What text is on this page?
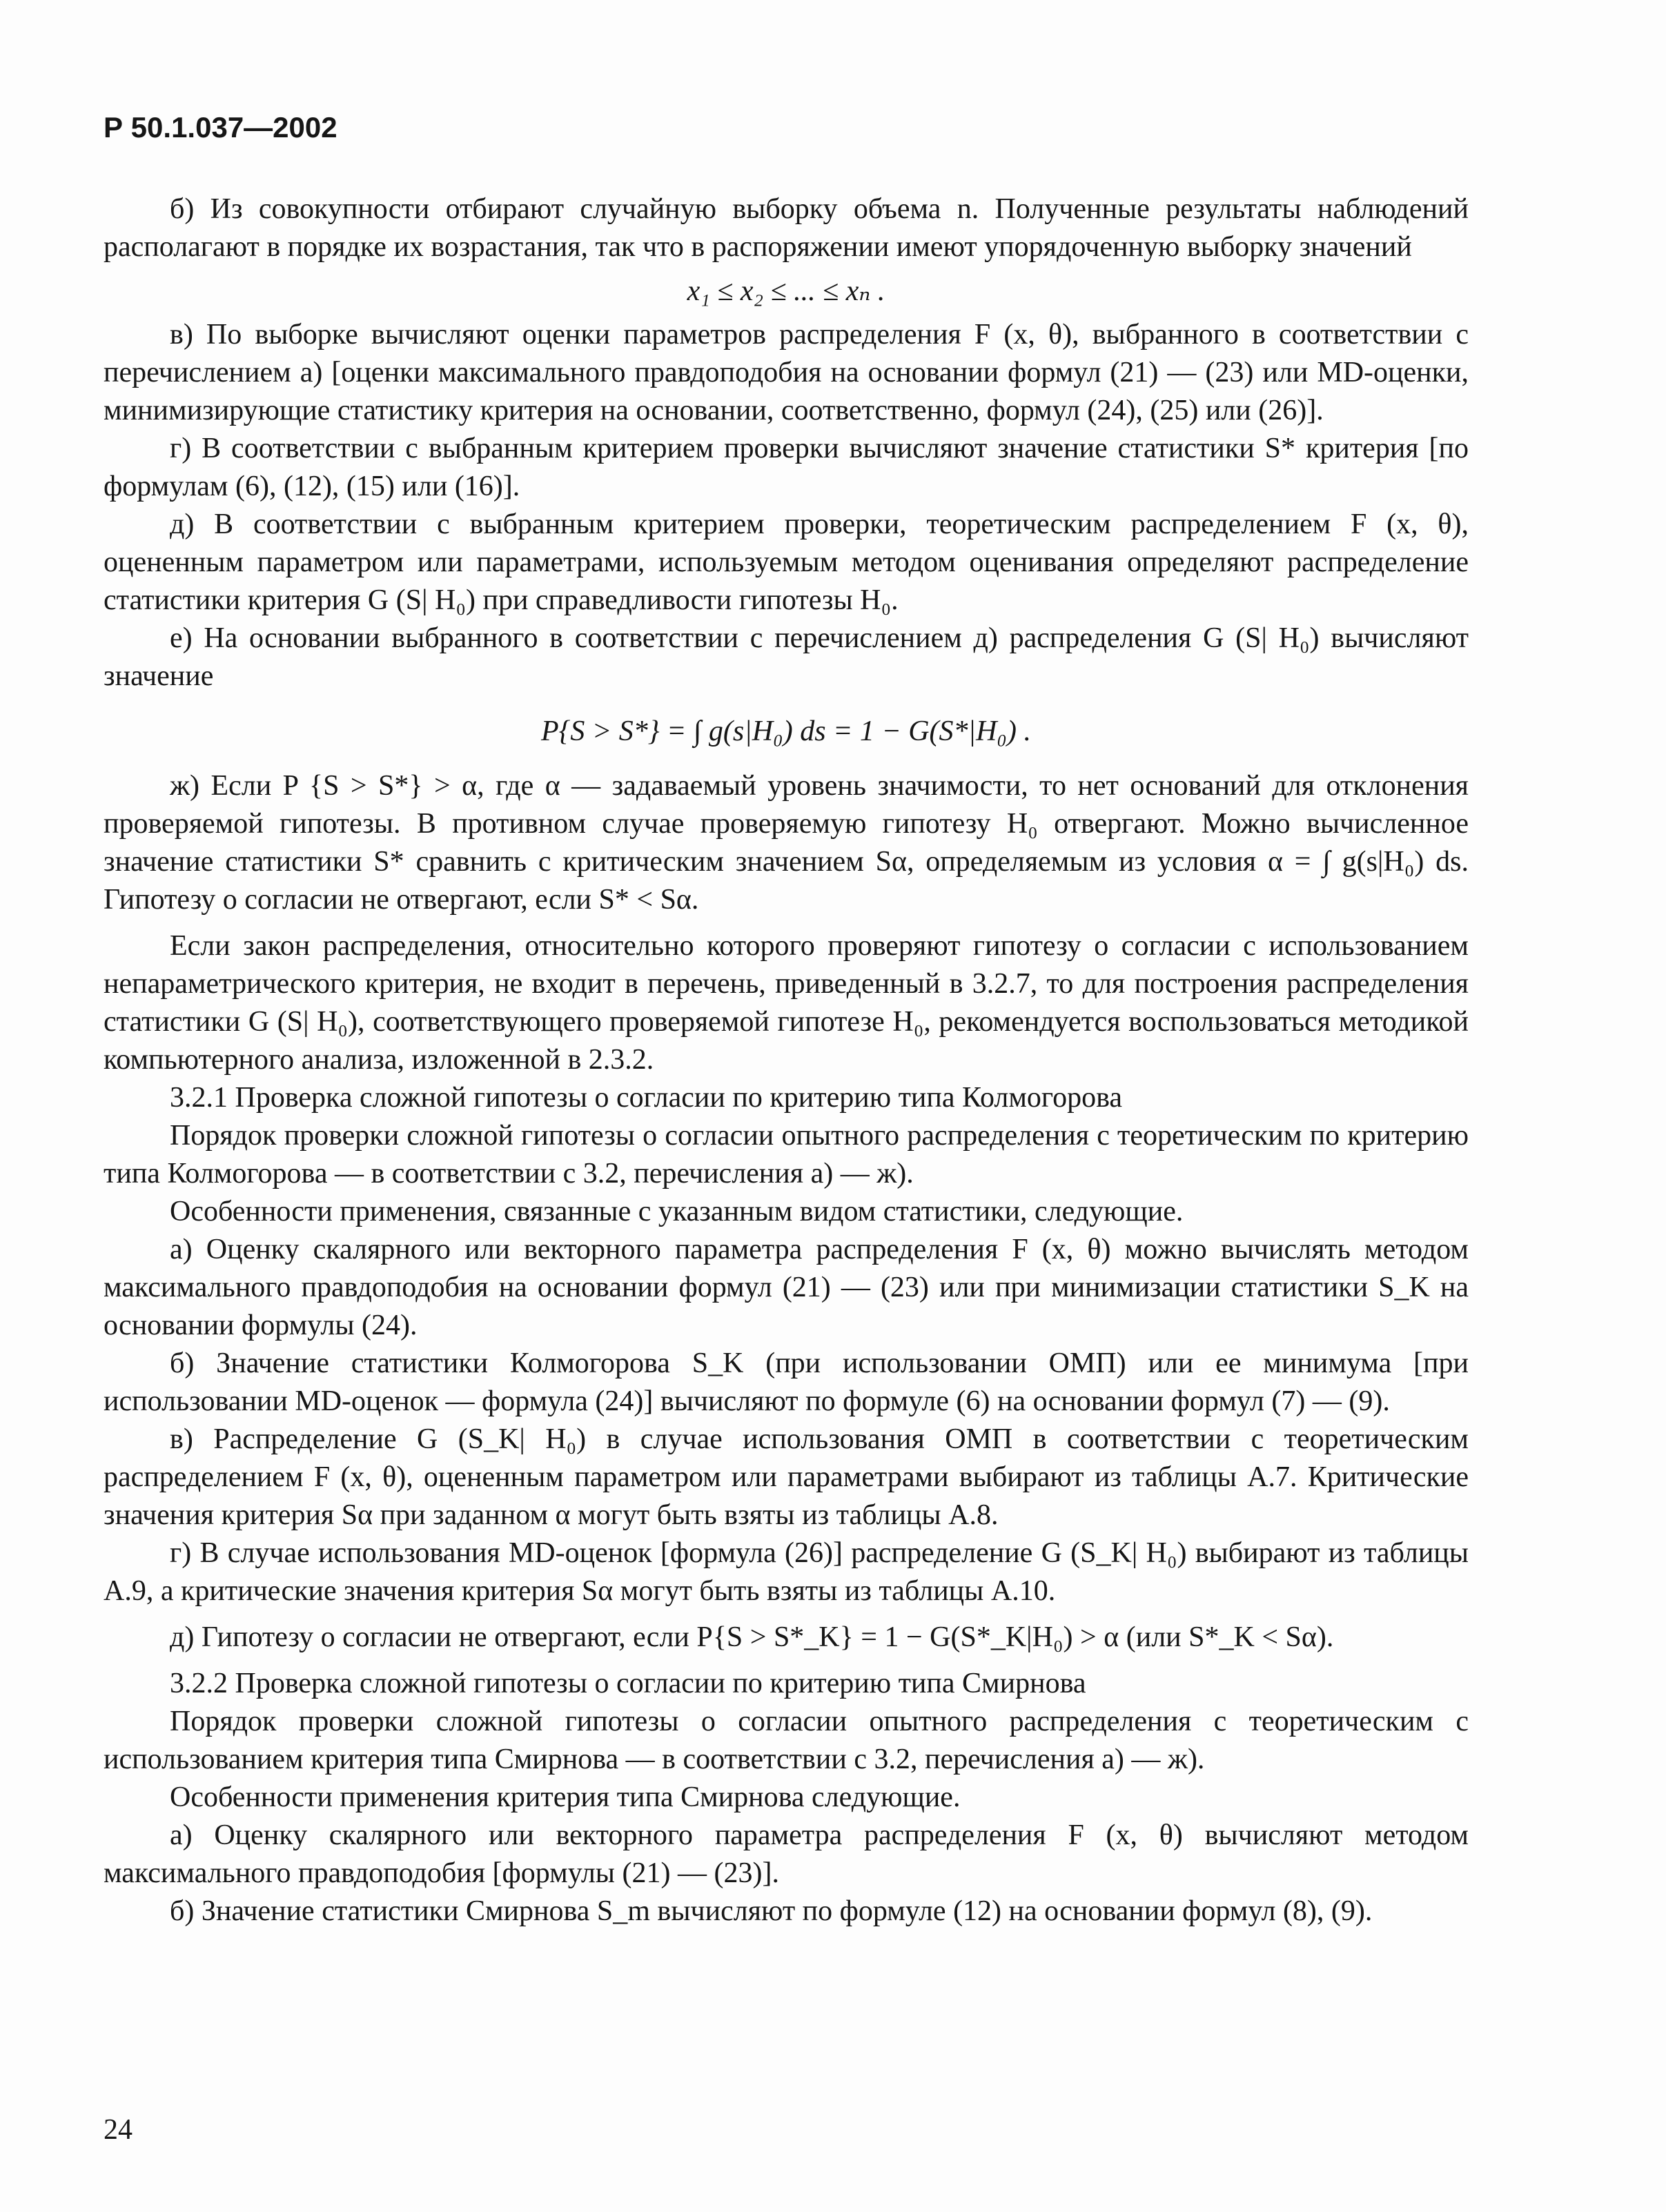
Р 50.1.037—2002

б) Из совокупности отбирают случайную выборку объема n. Полученные результаты наблюдений располагают в порядке их возрастания, так что в распоряжении имеют упорядоченную выборку значений

x₁ ≤ x₂ ≤ ... ≤ xₙ .

в) По выборке вычисляют оценки параметров распределения F (x, θ), выбранного в соответствии с перечислением а) [оценки максимального правдоподобия на основании формул (21) — (23) или MD-оценки, минимизирующие статистику критерия на основании, соответственно, формул (24), (25) или (26)].

г) В соответствии с выбранным критерием проверки вычисляют значение статистики S* критерия [по формулам (6), (12), (15) или (16)].

д) В соответствии с выбранным критерием проверки, теоретическим распределением F (x, θ), оцененным параметром или параметрами, используемым методом оценивания определяют распределение статистики критерия G (S| H₀) при справедливости гипотезы H₀.

е) На основании выбранного в соответствии с перечислением д) распределения G (S| H₀) вычисляют значение

P{S > S*} = ∫ g(s|H₀) ds = 1 − G(S*|H₀) .

ж) Если P {S > S*} > α, где α — задаваемый уровень значимости, то нет оснований для отклонения проверяемой гипотезы. В противном случае проверяемую гипотезу H₀ отвергают. Можно вычисленное значение статистики S* сравнить с критическим значением Sα, определяемым из условия α = ∫ g(s|H₀) ds. Гипотезу о согласии не отвергают, если S* < Sα.

Если закон распределения, относительно которого проверяют гипотезу о согласии с использованием непараметрического критерия, не входит в перечень, приведенный в 3.2.7, то для построения распределения статистики G (S| H₀), соответствующего проверяемой гипотезе H₀, рекомендуется воспользоваться методикой компьютерного анализа, изложенной в 2.3.2.

3.2.1 Проверка сложной гипотезы о согласии по критерию типа Колмогорова

Порядок проверки сложной гипотезы о согласии опытного распределения с теоретическим по критерию типа Колмогорова — в соответствии с 3.2, перечисления а) — ж).

Особенности применения, связанные с указанным видом статистики, следующие.

а) Оценку скалярного или векторного параметра распределения F (x, θ) можно вычислять методом максимального правдоподобия на основании формул (21) — (23) или при минимизации статистики S_K на основании формулы (24).

б) Значение статистики Колмогорова S_K (при использовании ОМП) или ее минимума [при использовании MD-оценок — формула (24)] вычисляют по формуле (6) на основании формул (7) — (9).

в) Распределение G (S_K| H₀) в случае использования ОМП в соответствии с теоретическим распределением F (x, θ), оцененным параметром или параметрами выбирают из таблицы А.7. Критические значения критерия Sα при заданном α могут быть взяты из таблицы А.8.

г) В случае использования MD-оценок [формула (26)] распределение G (S_K| H₀) выбирают из таблицы А.9, а критические значения критерия Sα могут быть взяты из таблицы А.10.

д) Гипотезу о согласии не отвергают, если P{S > S*_K} = 1 − G(S*_K|H₀) > α (или S*_K < Sα).

3.2.2 Проверка сложной гипотезы о согласии по критерию типа Смирнова

Порядок проверки сложной гипотезы о согласии опытного распределения с теоретическим с использованием критерия типа Смирнова — в соответствии с 3.2, перечисления а) — ж).

Особенности применения критерия типа Смирнова следующие.

а) Оценку скалярного или векторного параметра распределения F (x, θ) вычисляют методом максимального правдоподобия [формулы (21) — (23)].

б) Значение статистики Смирнова S_m вычисляют по формуле (12) на основании формул (8), (9).

24
